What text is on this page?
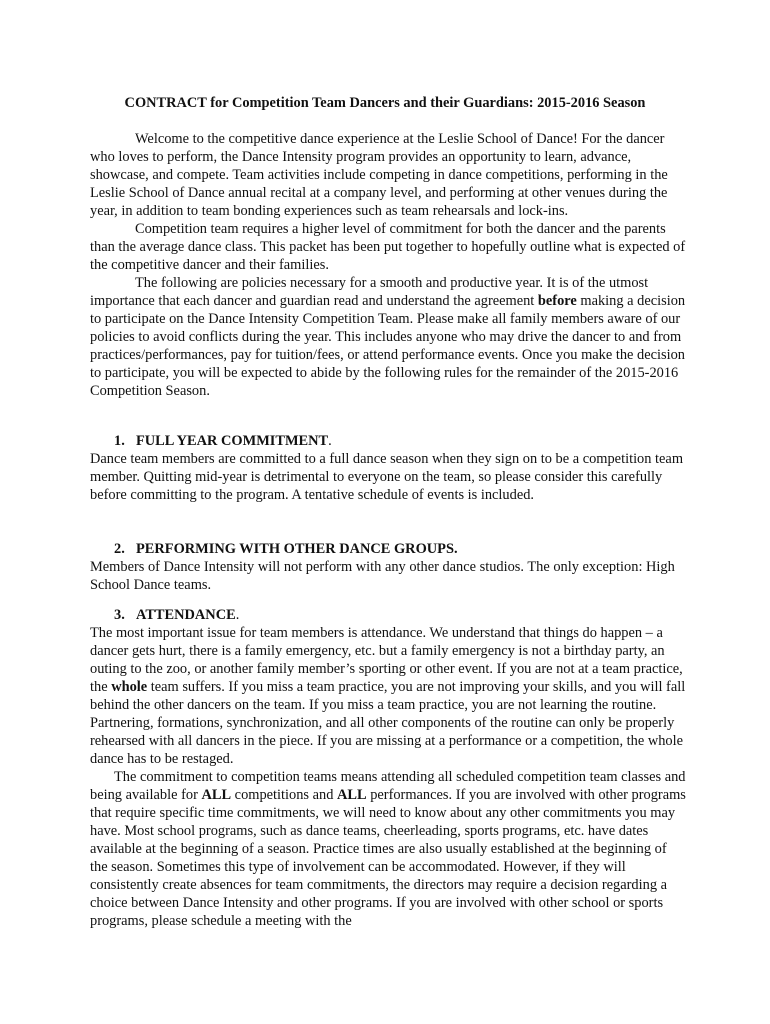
CONTRACT for Competition Team Dancers and their Guardians: 2015-2016 Season

Welcome to the competitive dance experience at the Leslie School of Dance! For the dancer who loves to perform, the Dance Intensity program provides an opportunity to learn, advance, showcase, and compete. Team activities include competing in dance competitions, performing in the Leslie School of Dance annual recital at a company level, and performing at other venues during the year, in addition to team bonding experiences such as team rehearsals and lock-ins.

Competition team requires a higher level of commitment for both the dancer and the parents than the average dance class. This packet has been put together to hopefully outline what is expected of the competitive dancer and their families.

The following are policies necessary for a smooth and productive year. It is of the utmost importance that each dancer and guardian read and understand the agreement before making a decision to participate on the Dance Intensity Competition Team. Please make all family members aware of our policies to avoid conflicts during the year. This includes anyone who may drive the dancer to and from practices/performances, pay for tuition/fees, or attend performance events. Once you make the decision to participate, you will be expected to abide by the following rules for the remainder of the 2015-2016 Competition Season.

1. FULL YEAR COMMITMENT.

Dance team members are committed to a full dance season when they sign on to be a competition team member. Quitting mid-year is detrimental to everyone on the team, so please consider this carefully before committing to the program. A tentative schedule of events is included.

2. PERFORMING WITH OTHER DANCE GROUPS.

Members of Dance Intensity will not perform with any other dance studios. The only exception: High School Dance teams.

3. ATTENDANCE.

The most important issue for team members is attendance. We understand that things do happen – a dancer gets hurt, there is a family emergency, etc. but a family emergency is not a birthday party, an outing to the zoo, or another family member’s sporting or other event. If you are not at a team practice, the whole team suffers. If you miss a team practice, you are not improving your skills, and you will fall behind the other dancers on the team. If you miss a team practice, you are not learning the routine. Partnering, formations, synchronization, and all other components of the routine can only be properly rehearsed with all dancers in the piece. If you are missing at a performance or a competition, the whole dance has to be restaged.

The commitment to competition teams means attending all scheduled competition team classes and being available for ALL competitions and ALL performances. If you are involved with other programs that require specific time commitments, we will need to know about any other commitments you may have. Most school programs, such as dance teams, cheerleading, sports programs, etc. have dates available at the beginning of a season. Practice times are also usually established at the beginning of the season. Sometimes this type of involvement can be accommodated. However, if they will consistently create absences for team commitments, the directors may require a decision regarding a choice between Dance Intensity and other programs. If you are involved with other school or sports programs, please schedule a meeting with the
